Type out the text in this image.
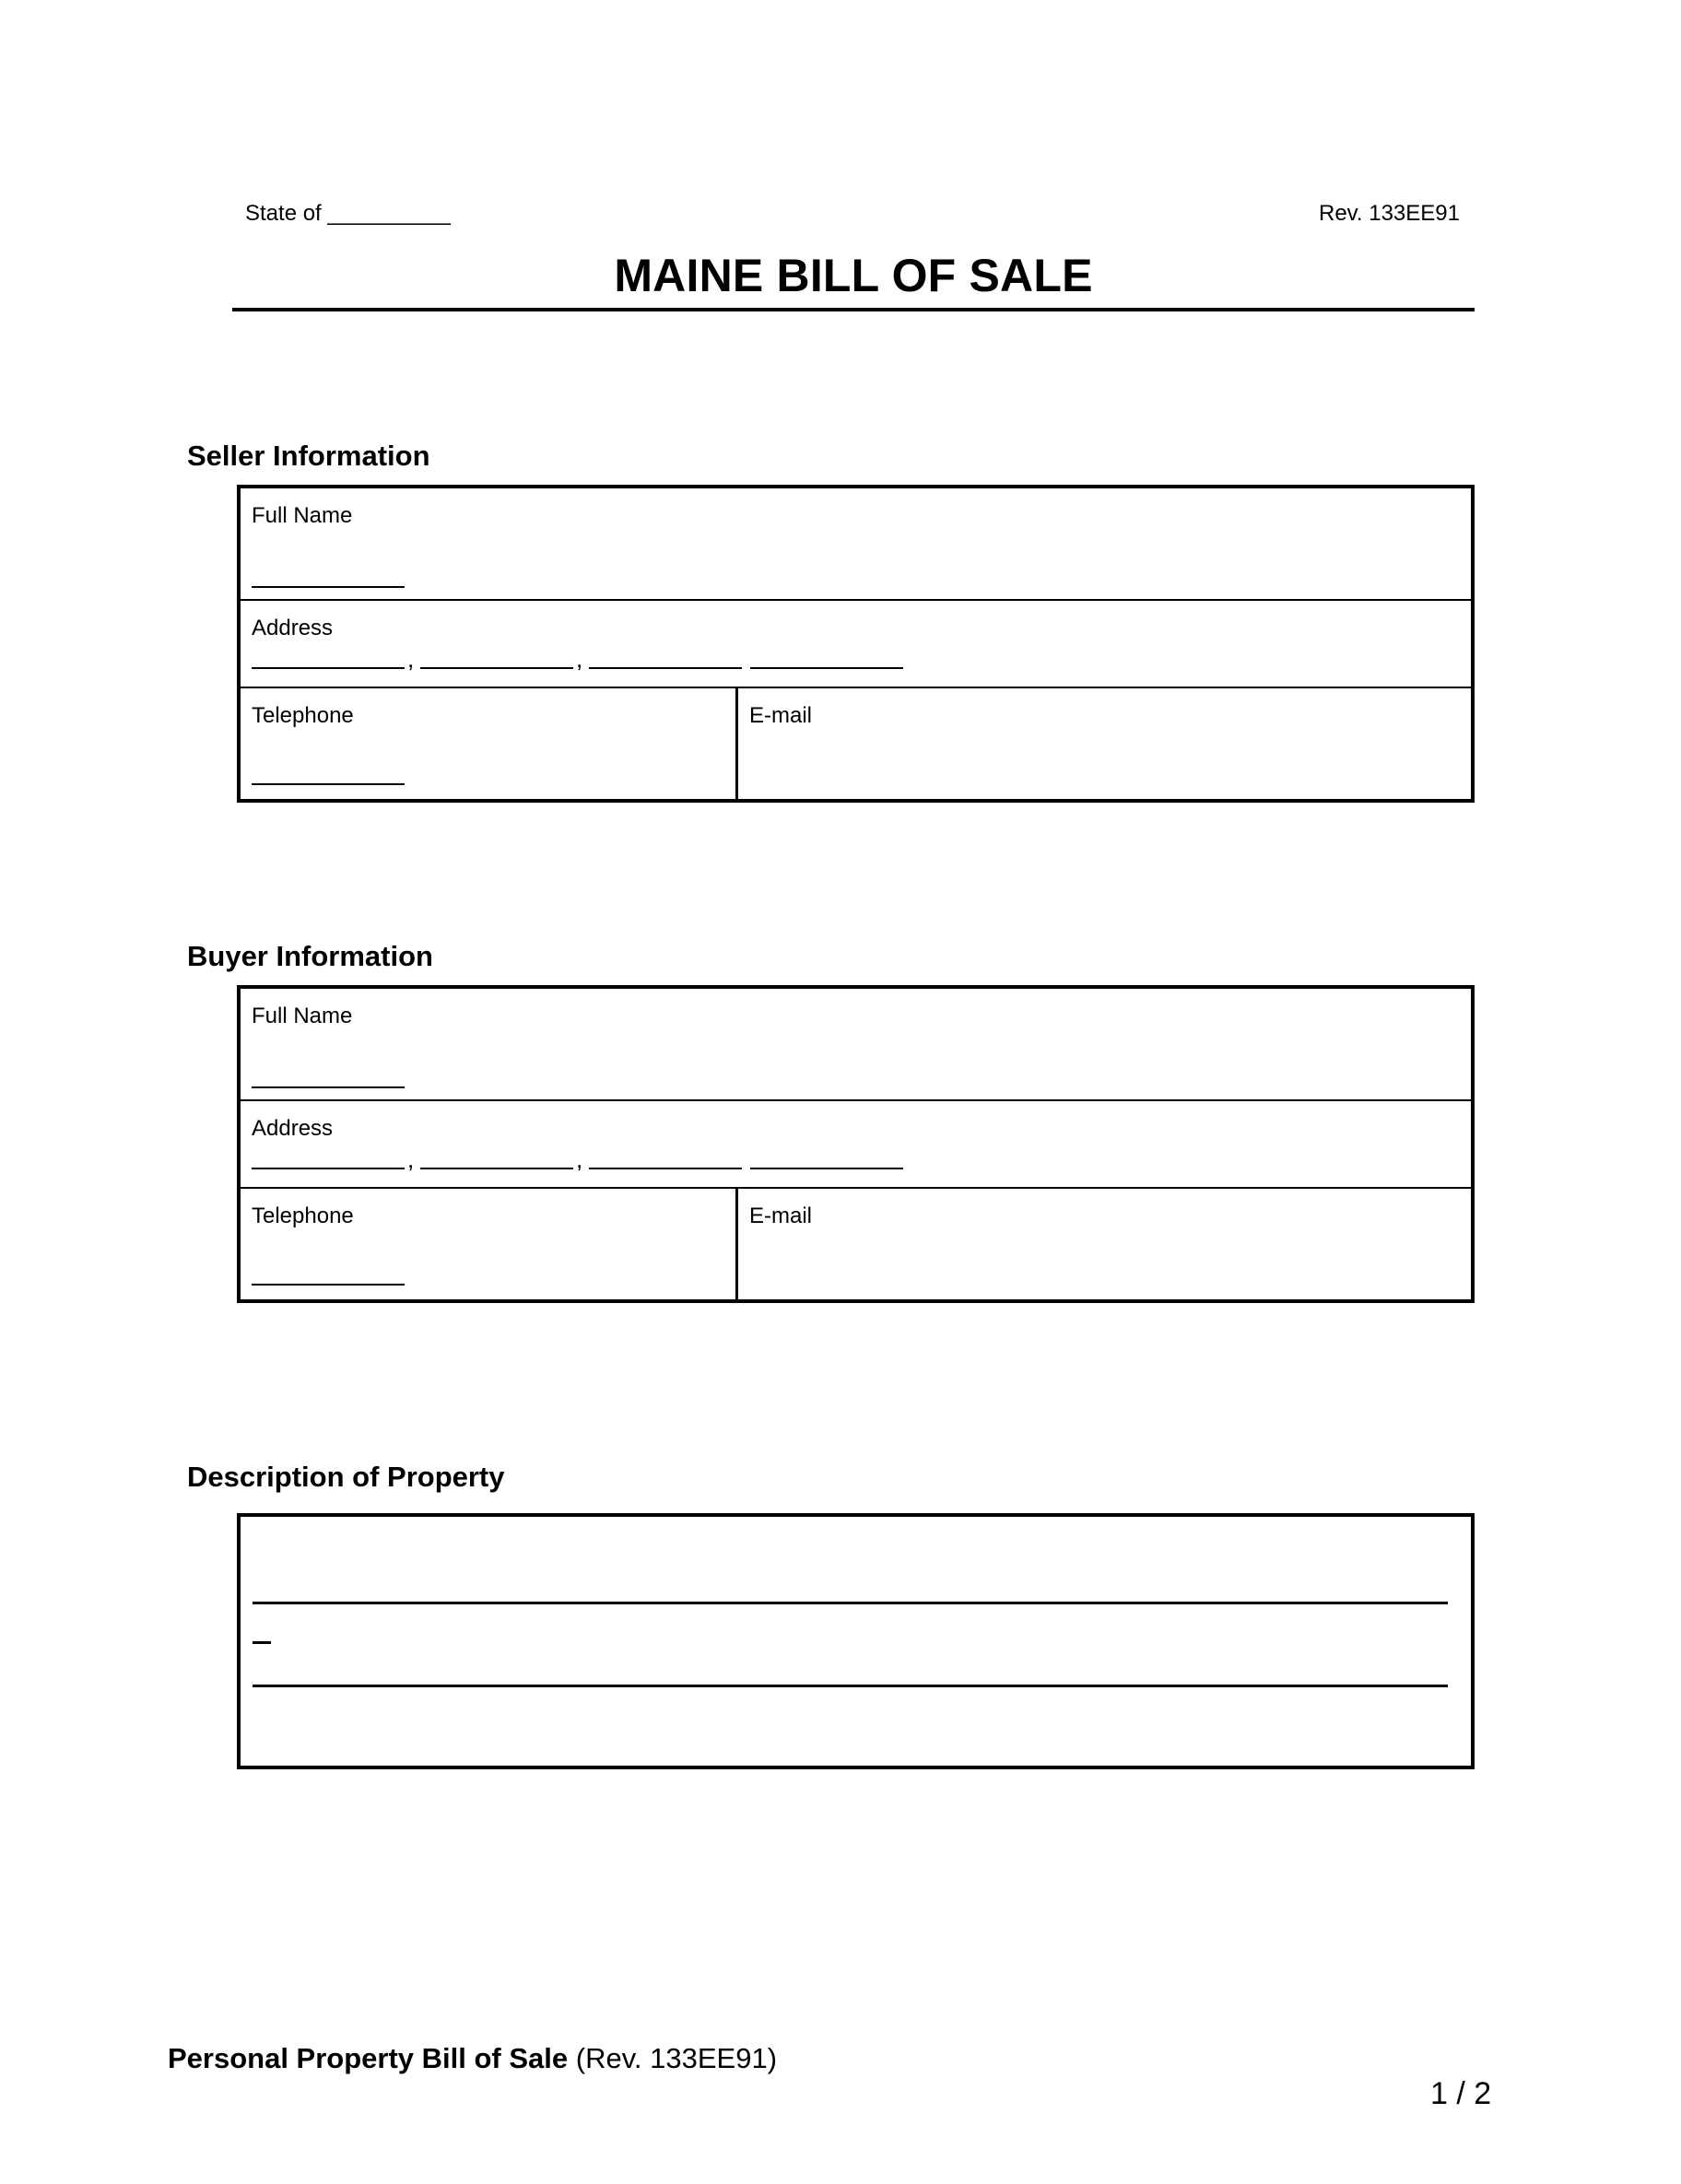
State of __________	Rev. 133EE91
MAINE BILL OF SALE
Seller Information
Full Name
Address
,	,
Telephone	E-mail
Buyer Information
Full Name
Address
,	,
Telephone	E-mail
Description of Property
Personal Property Bill of Sale (Rev. 133EE91)
1 / 2
